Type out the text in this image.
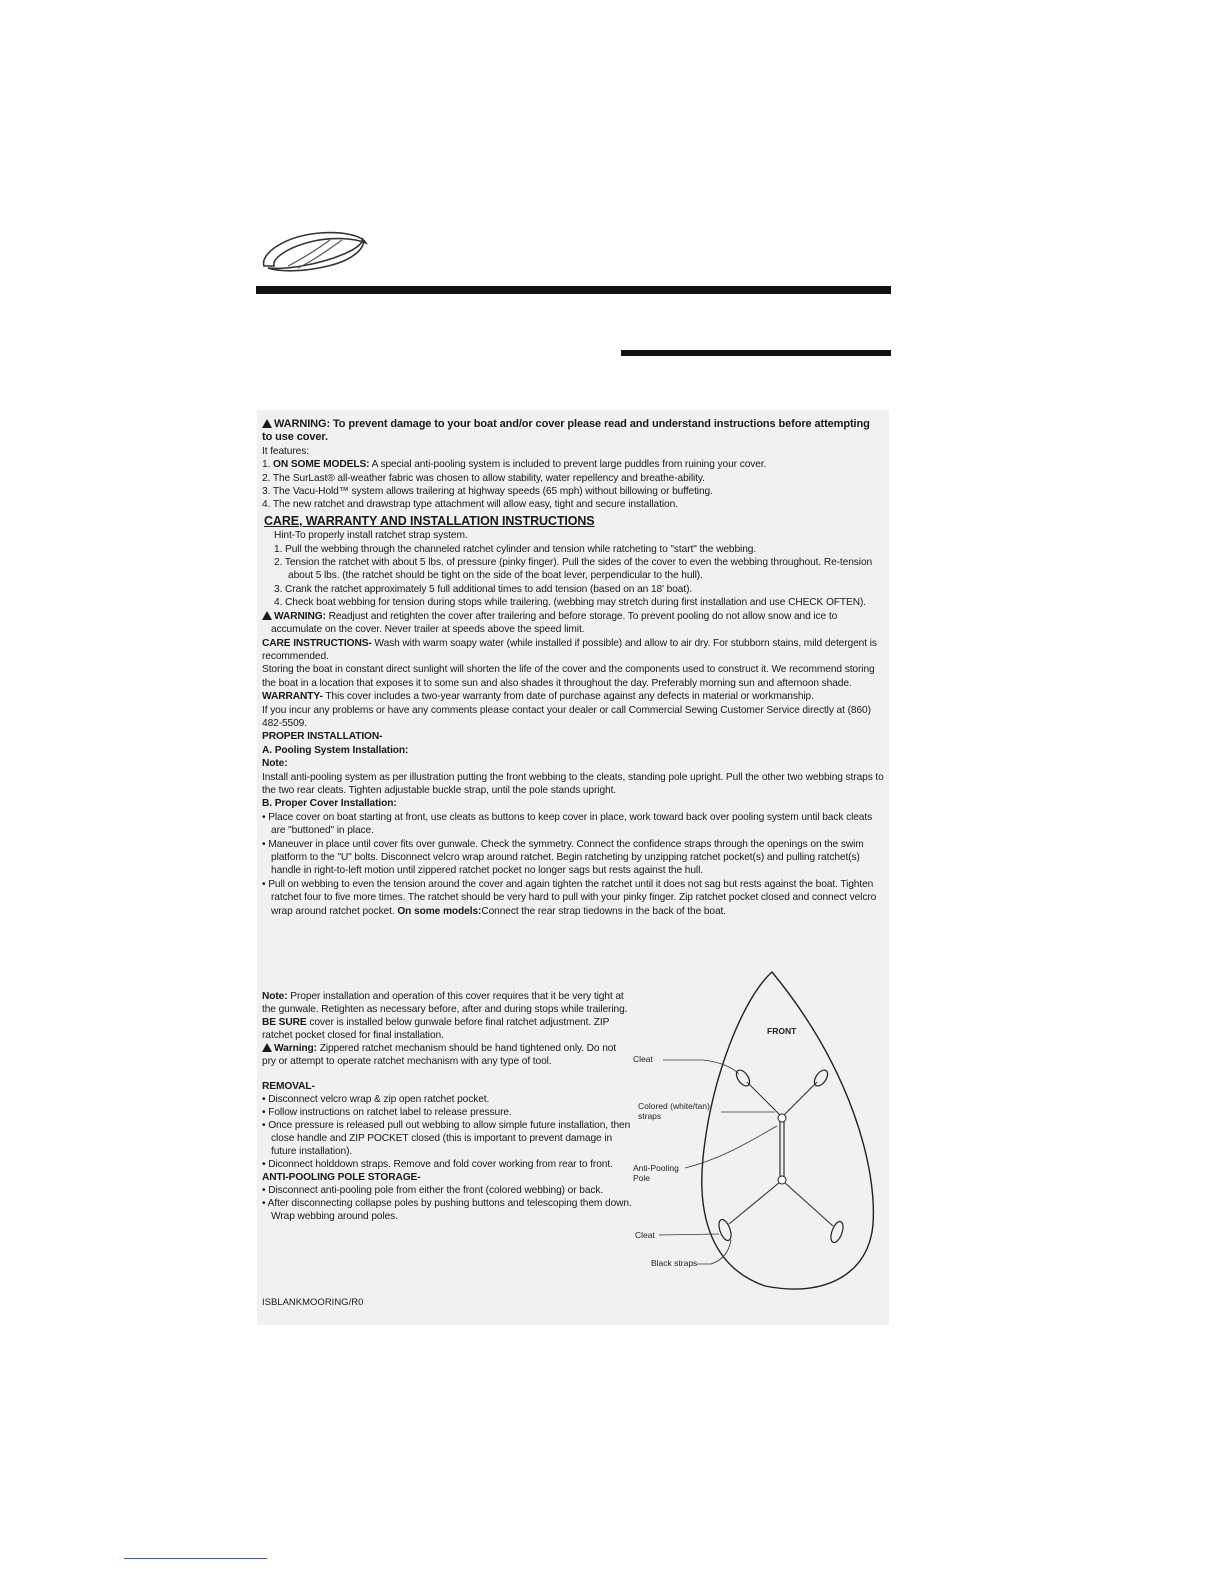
WARNING: To prevent damage to your boat and/or cover please read and understand instructions before attempting

to use cover.

It features:

1. ON SOME MODELS: A special anti-pooling system is included to prevent large puddles from ruining your cover.

2. The SurLast® all-weather fabric was chosen to allow stability, water repellency and breathe-ability.

3. The Vacu-Hold™ system allows trailering at highway speeds (65 mph) without billowing or buffeting.

4. The new ratchet and drawstrap type attachment will allow easy, tight and secure installation.

CARE, WARRANTY AND INSTALLATION INSTRUCTIONS

Hint-To properly install ratchet strap system.

1. Pull the webbing through the channeled ratchet cylinder and tension while ratcheting to "start" the webbing.

2. Tension the ratchet with about 5 lbs. of pressure (pinky finger). Pull the sides of the cover to even the webbing throughout. Re-tension about 5 lbs. (the ratchet should be tight on the side of the boat lever, perpendicular to the hull).

3. Crank the ratchet approximately 5 full additional times to add tension (based on an 18' boat).

4. Check boat webbing for tension during stops while trailering. (webbing may stretch during first installation and use CHECK OFTEN).

WARNING: Readjust and retighten the cover after trailering and before storage. To prevent pooling do not allow snow and ice to accumulate on the cover. Never trailer at speeds above the speed limit.

CARE INSTRUCTIONS- Wash with warm soapy water (while installed if possible) and allow to air dry. For stubborn stains, mild detergent is recommended.

Storing the boat in constant direct sunlight will shorten the life of the cover and the components used to construct it. We recommend storing the boat in a location that exposes it to some sun and also shades it throughout the day. Preferably morning sun and afternoon shade.

WARRANTY- This cover includes a two-year warranty from date of purchase against any defects in material or workmanship.

If you incur any problems or have any comments please contact your dealer or call Commercial Sewing Customer Service directly at (860) 482-5509.

PROPER INSTALLATION-

A. Pooling System Installation:

Note:

Install anti-pooling system as per illustration putting the front webbing to the cleats, standing pole upright. Pull the other two webbing straps to the two rear cleats. Tighten adjustable buckle strap, until the pole stands upright.

B. Proper Cover Installation:

• Place cover on boat starting at front, use cleats as buttons to keep cover in place, work toward back over pooling system until back cleats are "buttoned" in place.

• Maneuver in place until cover fits over gunwale. Check the symmetry. Connect the confidence straps through the openings on the swim platform to the "U" bolts. Disconnect velcro wrap around ratchet. Begin ratcheting by unzipping ratchet pocket(s) and pulling ratchet(s) handle in right-to-left motion until zippered ratchet pocket no longer sags but rests against the hull.

• Pull on webbing to even the tension around the cover and again tighten the ratchet until it does not sag but rests against the boat. Tighten ratchet four to five more times. The ratchet should be very hard to pull with your pinky finger. Zip ratchet pocket closed and connect velcro wrap around ratchet pocket. On some models:Connect the rear strap tiedowns in the back of the boat.

Note: Proper installation and operation of this cover requires that it be very tight at the gunwale. Retighten as necessary before, after and during stops while trailering. BE SURE cover is installed below gunwale before final ratchet adjustment. ZIP ratchet pocket closed for final installation.

Warning: Zippered ratchet mechanism should be hand tightened only. Do not pry or attempt to operate ratchet mechanism with any type of tool.

REMOVAL-

• Disconnect velcro wrap & zip open ratchet pocket.

• Follow instructions on ratchet label to release pressure.

• Once pressure is released pull out webbing to allow simple future installation, then close handle and ZIP POCKET closed (this is important to prevent damage in future installation).

• Diconnect holddown straps. Remove and fold cover working from rear to front.

ANTI-POOLING POLE STORAGE-

• Disconnect anti-pooling pole from either the front (colored webbing) or back.

• After disconnecting collapse poles by pushing buttons and telescoping them down.

Wrap webbing around poles.

ISBLANKMOORING/R0
FRONT
Cleat
Colored (white/tan)
straps
Anti-Pooling
Pole
Cleat
Black straps
